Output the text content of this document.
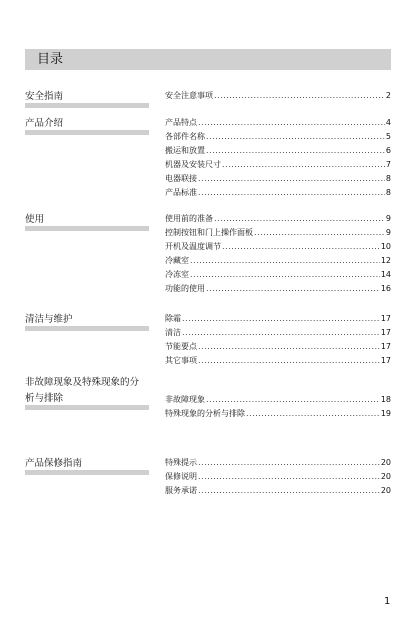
目录
安全指南	安全注意事项 .....	2
产品介绍	产品特点 .....	4
各部件名称 .....	5
搬运和放置 .....	6
机器及安装尺寸 .....	7
电器联接 .....	8
产品标准 .....	8
使用	使用前的准备 .....	9
控制按钮和门上操作面板 .....	9
开机及温度调节 .....	10
冷藏室 .....	12
冷冻室 .....	14
功能的使用 .....	16
清洁与维护	除霜 .....	17
清洁 .....	17
节能要点 .....	17
其它事项 .....	17
非故障现象及特殊现象的分
析与排除	非故障现象 .....	18
特殊现象的分析与排除 .....	19
产品保修指南	特殊提示 .....	20
保修说明 .....	20
服务承诺 .....	20
1
